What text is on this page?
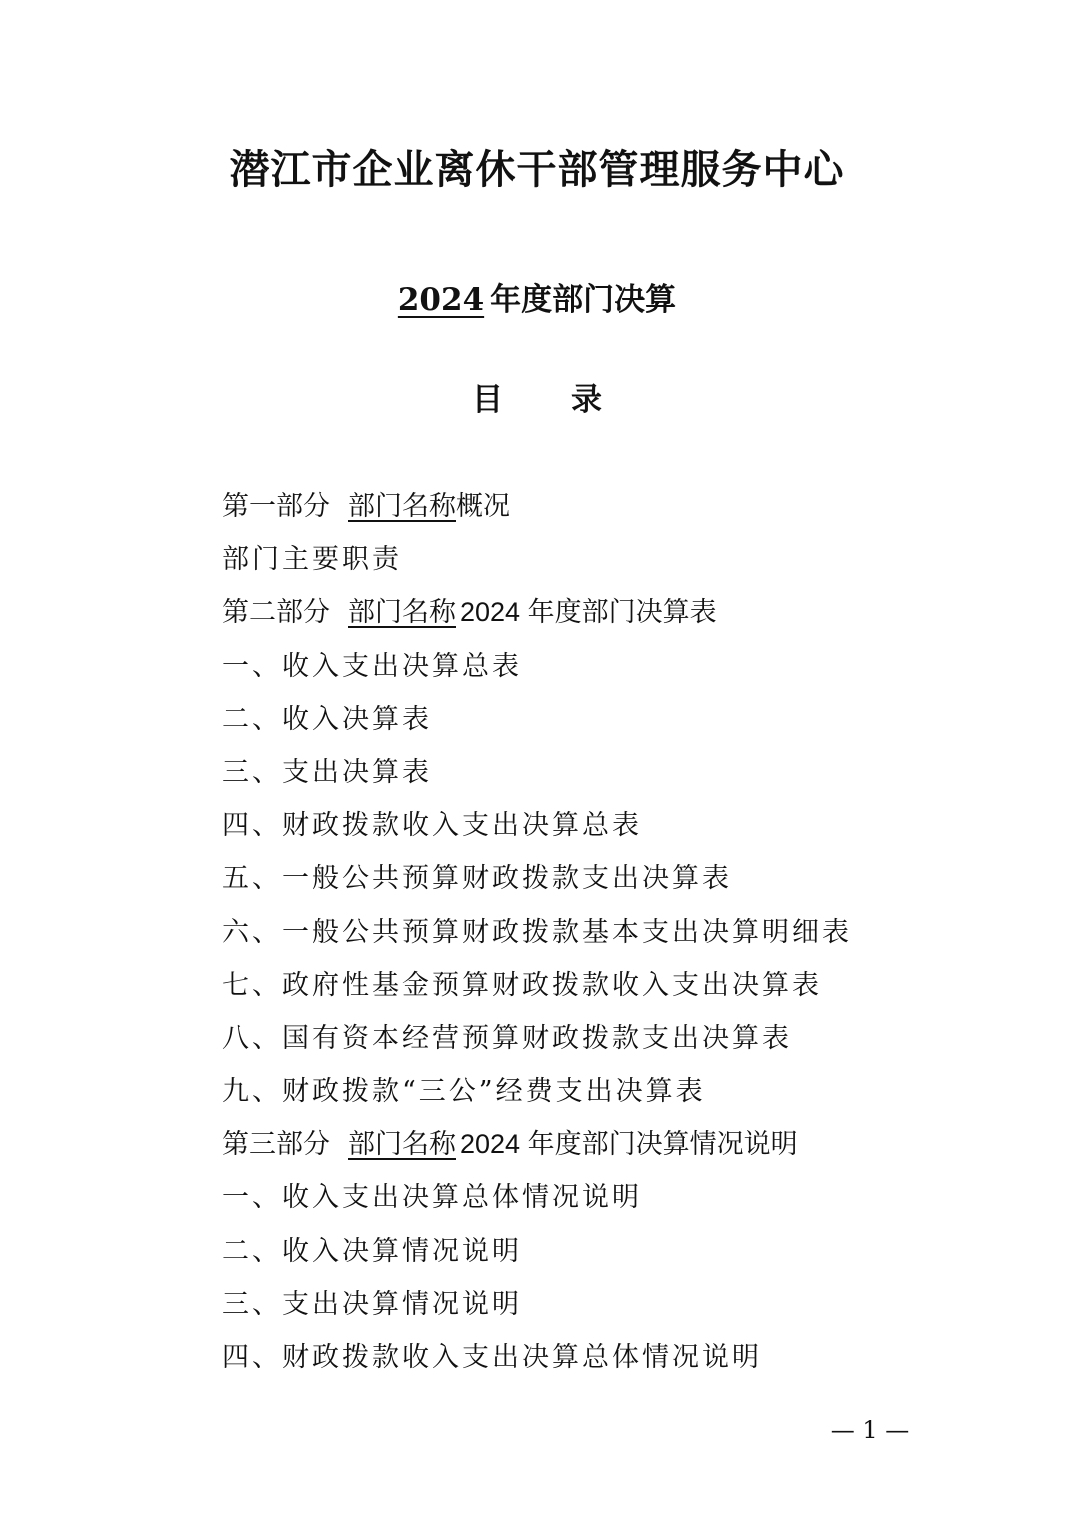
潜江市企业离休干部管理服务中心
2024 年度部门决算
目 录
第一部分 部门名称概况
部门主要职责
第二部分 部门名称 2024 年度部门决算表
一、收入支出决算总表
二、收入决算表
三、支出决算表
四、财政拨款收入支出决算总表
五、一般公共预算财政拨款支出决算表
六、一般公共预算财政拨款基本支出决算明细表
七、政府性基金预算财政拨款收入支出决算表
八、国有资本经营预算财政拨款支出决算表
九、财政拨款“三公”经费支出决算表
第三部分 部门名称 2024 年度部门决算情况说明
一、收入支出决算总体情况说明
二、收入决算情况说明
三、支出决算情况说明
四、财政拨款收入支出决算总体情况说明
— 1 —
